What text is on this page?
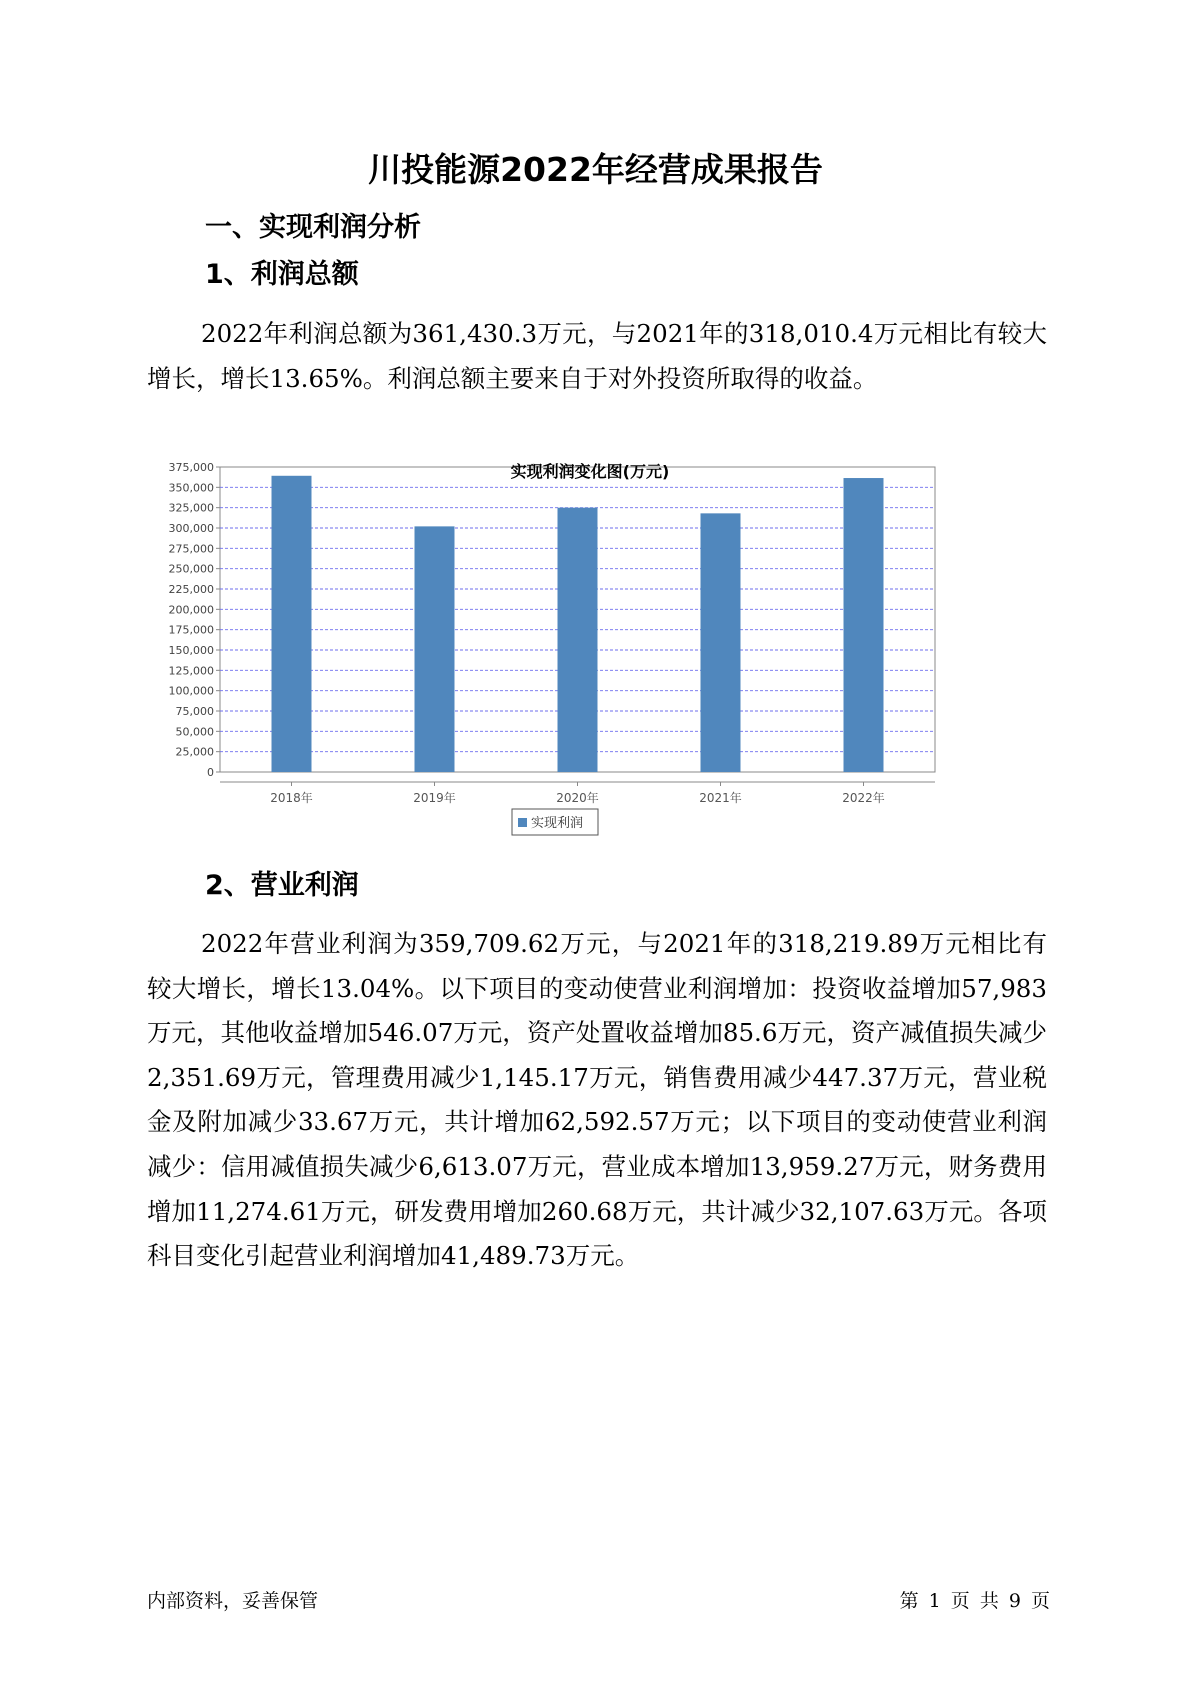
川投能源2022年经营成果报告
一、实现利润分析
1、利润总额

2022年利润总额为361,430.3万元，与2021年的318,010.4万元相比有较大增长，增长13.65%。利润总额主要来自于对外投资所取得的收益。

实现利润变化图(万元)
0
25,000
50,000
75,000
100,000
125,000
150,000
175,000
200,000
225,000
250,000
275,000
300,000
325,000
350,000
375,000
2018年	2019年	2020年	2021年	2022年
实现利润
2、营业利润

2022年营业利润为359,709.62万元，与2021年的318,219.89万元相比有较大增长，增长13.04%。以下项目的变动使营业利润增加：投资收益增加57,983万元，其他收益增加546.07万元，资产处置收益增加85.6万元，资产减值损失减少2,351.69万元，管理费用减少1,145.17万元，销售费用减少447.37万元，营业税金及附加减少33.67万元，共计增加62,592.57万元；以下项目的变动使营业利润减少：信用减值损失减少6,613.07万元，营业成本增加13,959.27万元，财务费用增加11,274.61万元，研发费用增加260.68万元，共计减少32,107.63万元。各项科目变化引起营业利润增加41,489.73万元。

内部资料，妥善保管	第 1 页 共 9 页
